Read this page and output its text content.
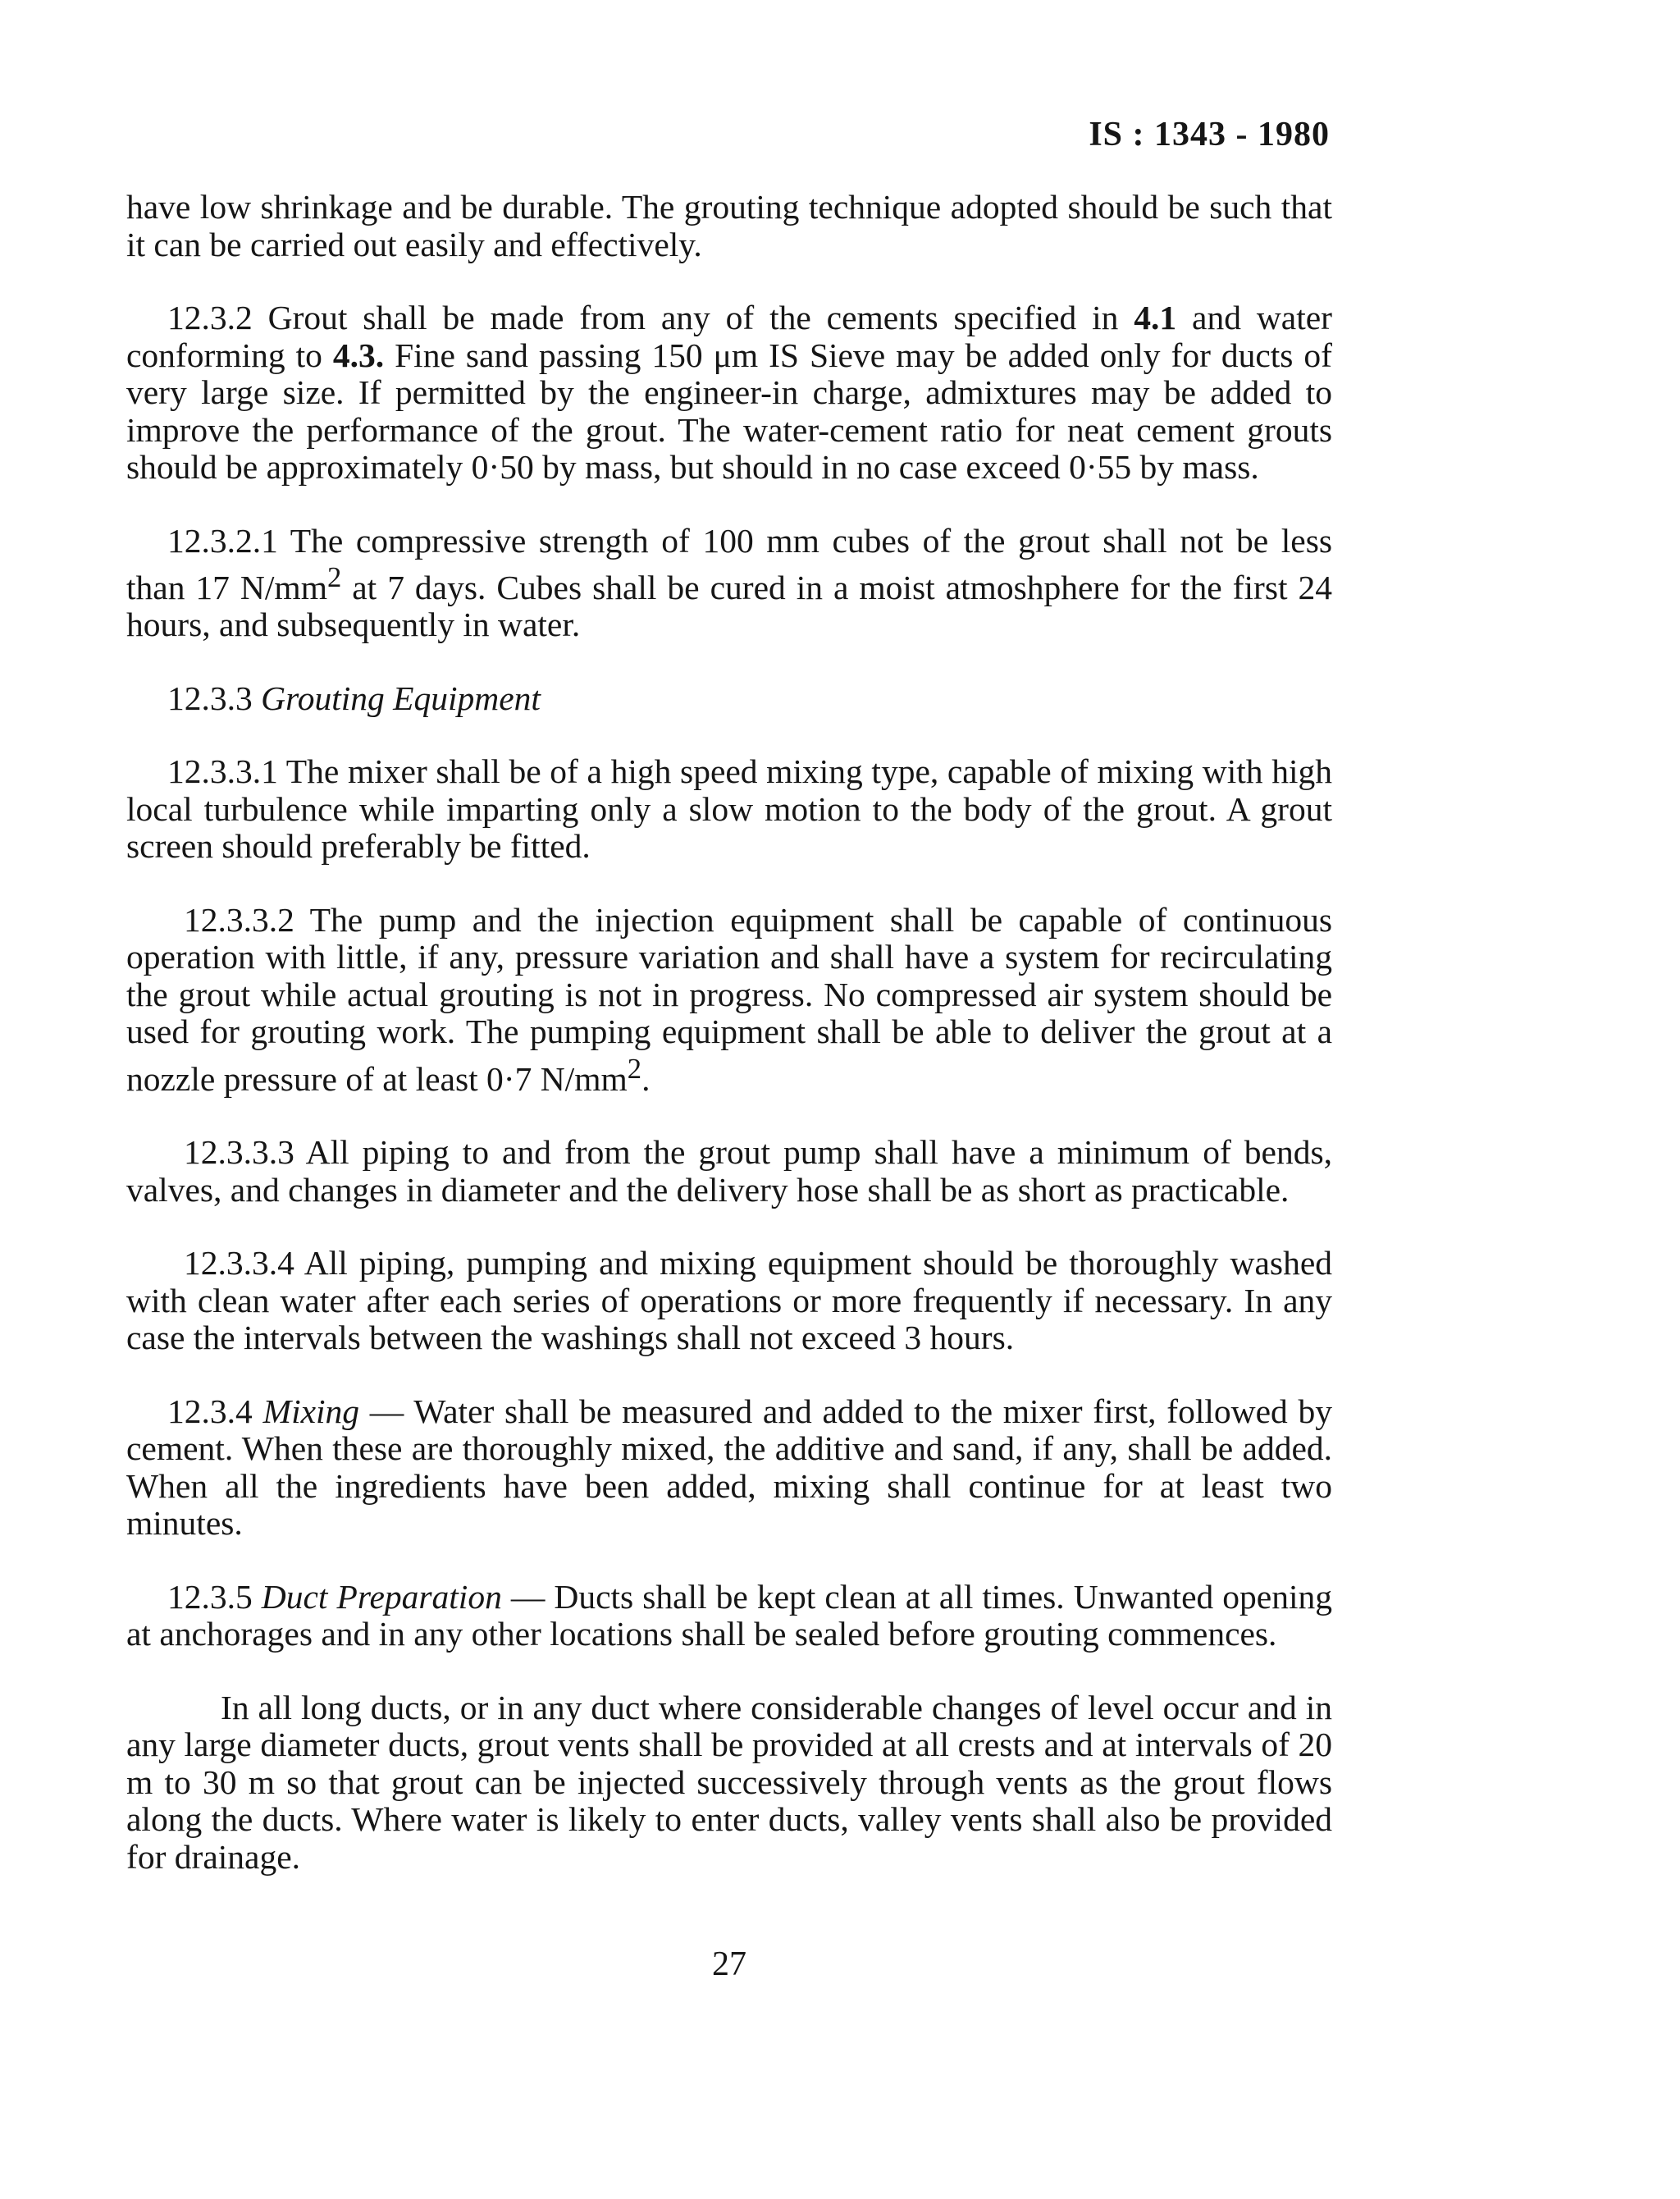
IS : 1343 - 1980

have low shrinkage and be durable. The grouting technique adopted should be such that it can be carried out easily and effectively.

12.3.2 Grout shall be made from any of the cements specified in 4.1 and water conforming to 4.3. Fine sand passing 150 μm IS Sieve may be added only for ducts of very large size. If permitted by the engineer-in charge, admixtures may be added to improve the performance of the grout. The water-cement ratio for neat cement grouts should be approximately 0·50 by mass, but should in no case exceed 0·55 by mass.

12.3.2.1 The compressive strength of 100 mm cubes of the grout shall not be less than 17 $N/mm^2$ at 7 days. Cubes shall be cured in a moist atmoshphere for the first 24 hours, and subsequently in water.

12.3.3 Grouting Equipment

12.3.3.1 The mixer shall be of a high speed mixing type, capable of mixing with high local turbulence while imparting only a slow motion to the body of the grout. A grout screen should preferably be fitted.

12.3.3.2 The pump and the injection equipment shall be capable of continuous operation with little, if any, pressure variation and shall have a system for recirculating the grout while actual grouting is not in progress. No compressed air system should be used for grouting work. The pumping equipment shall be able to deliver the grout at a nozzle pressure of at least 0·7 $N/mm^2$.

12.3.3.3 All piping to and from the grout pump shall have a minimum of bends, valves, and changes in diameter and the delivery hose shall be as short as practicable.

12.3.3.4 All piping, pumping and mixing equipment should be thoroughly washed with clean water after each series of operations or more frequently if necessary. In any case the intervals between the washings shall not exceed 3 hours.

12.3.4 Mixing — Water shall be measured and added to the mixer first, followed by cement. When these are thoroughly mixed, the additive and sand, if any, shall be added. When all the ingredients have been added, mixing shall continue for at least two minutes.

12.3.5 Duct Preparation — Ducts shall be kept clean at all times. Unwanted opening at anchorages and in any other locations shall be sealed before grouting commences.

In all long ducts, or in any duct where considerable changes of level occur and in any large diameter ducts, grout vents shall be provided at all crests and at intervals of 20 m to 30 m so that grout can be injected successively through vents as the grout flows along the ducts. Where water is likely to enter ducts, valley vents shall also be provided for drainage.

27
